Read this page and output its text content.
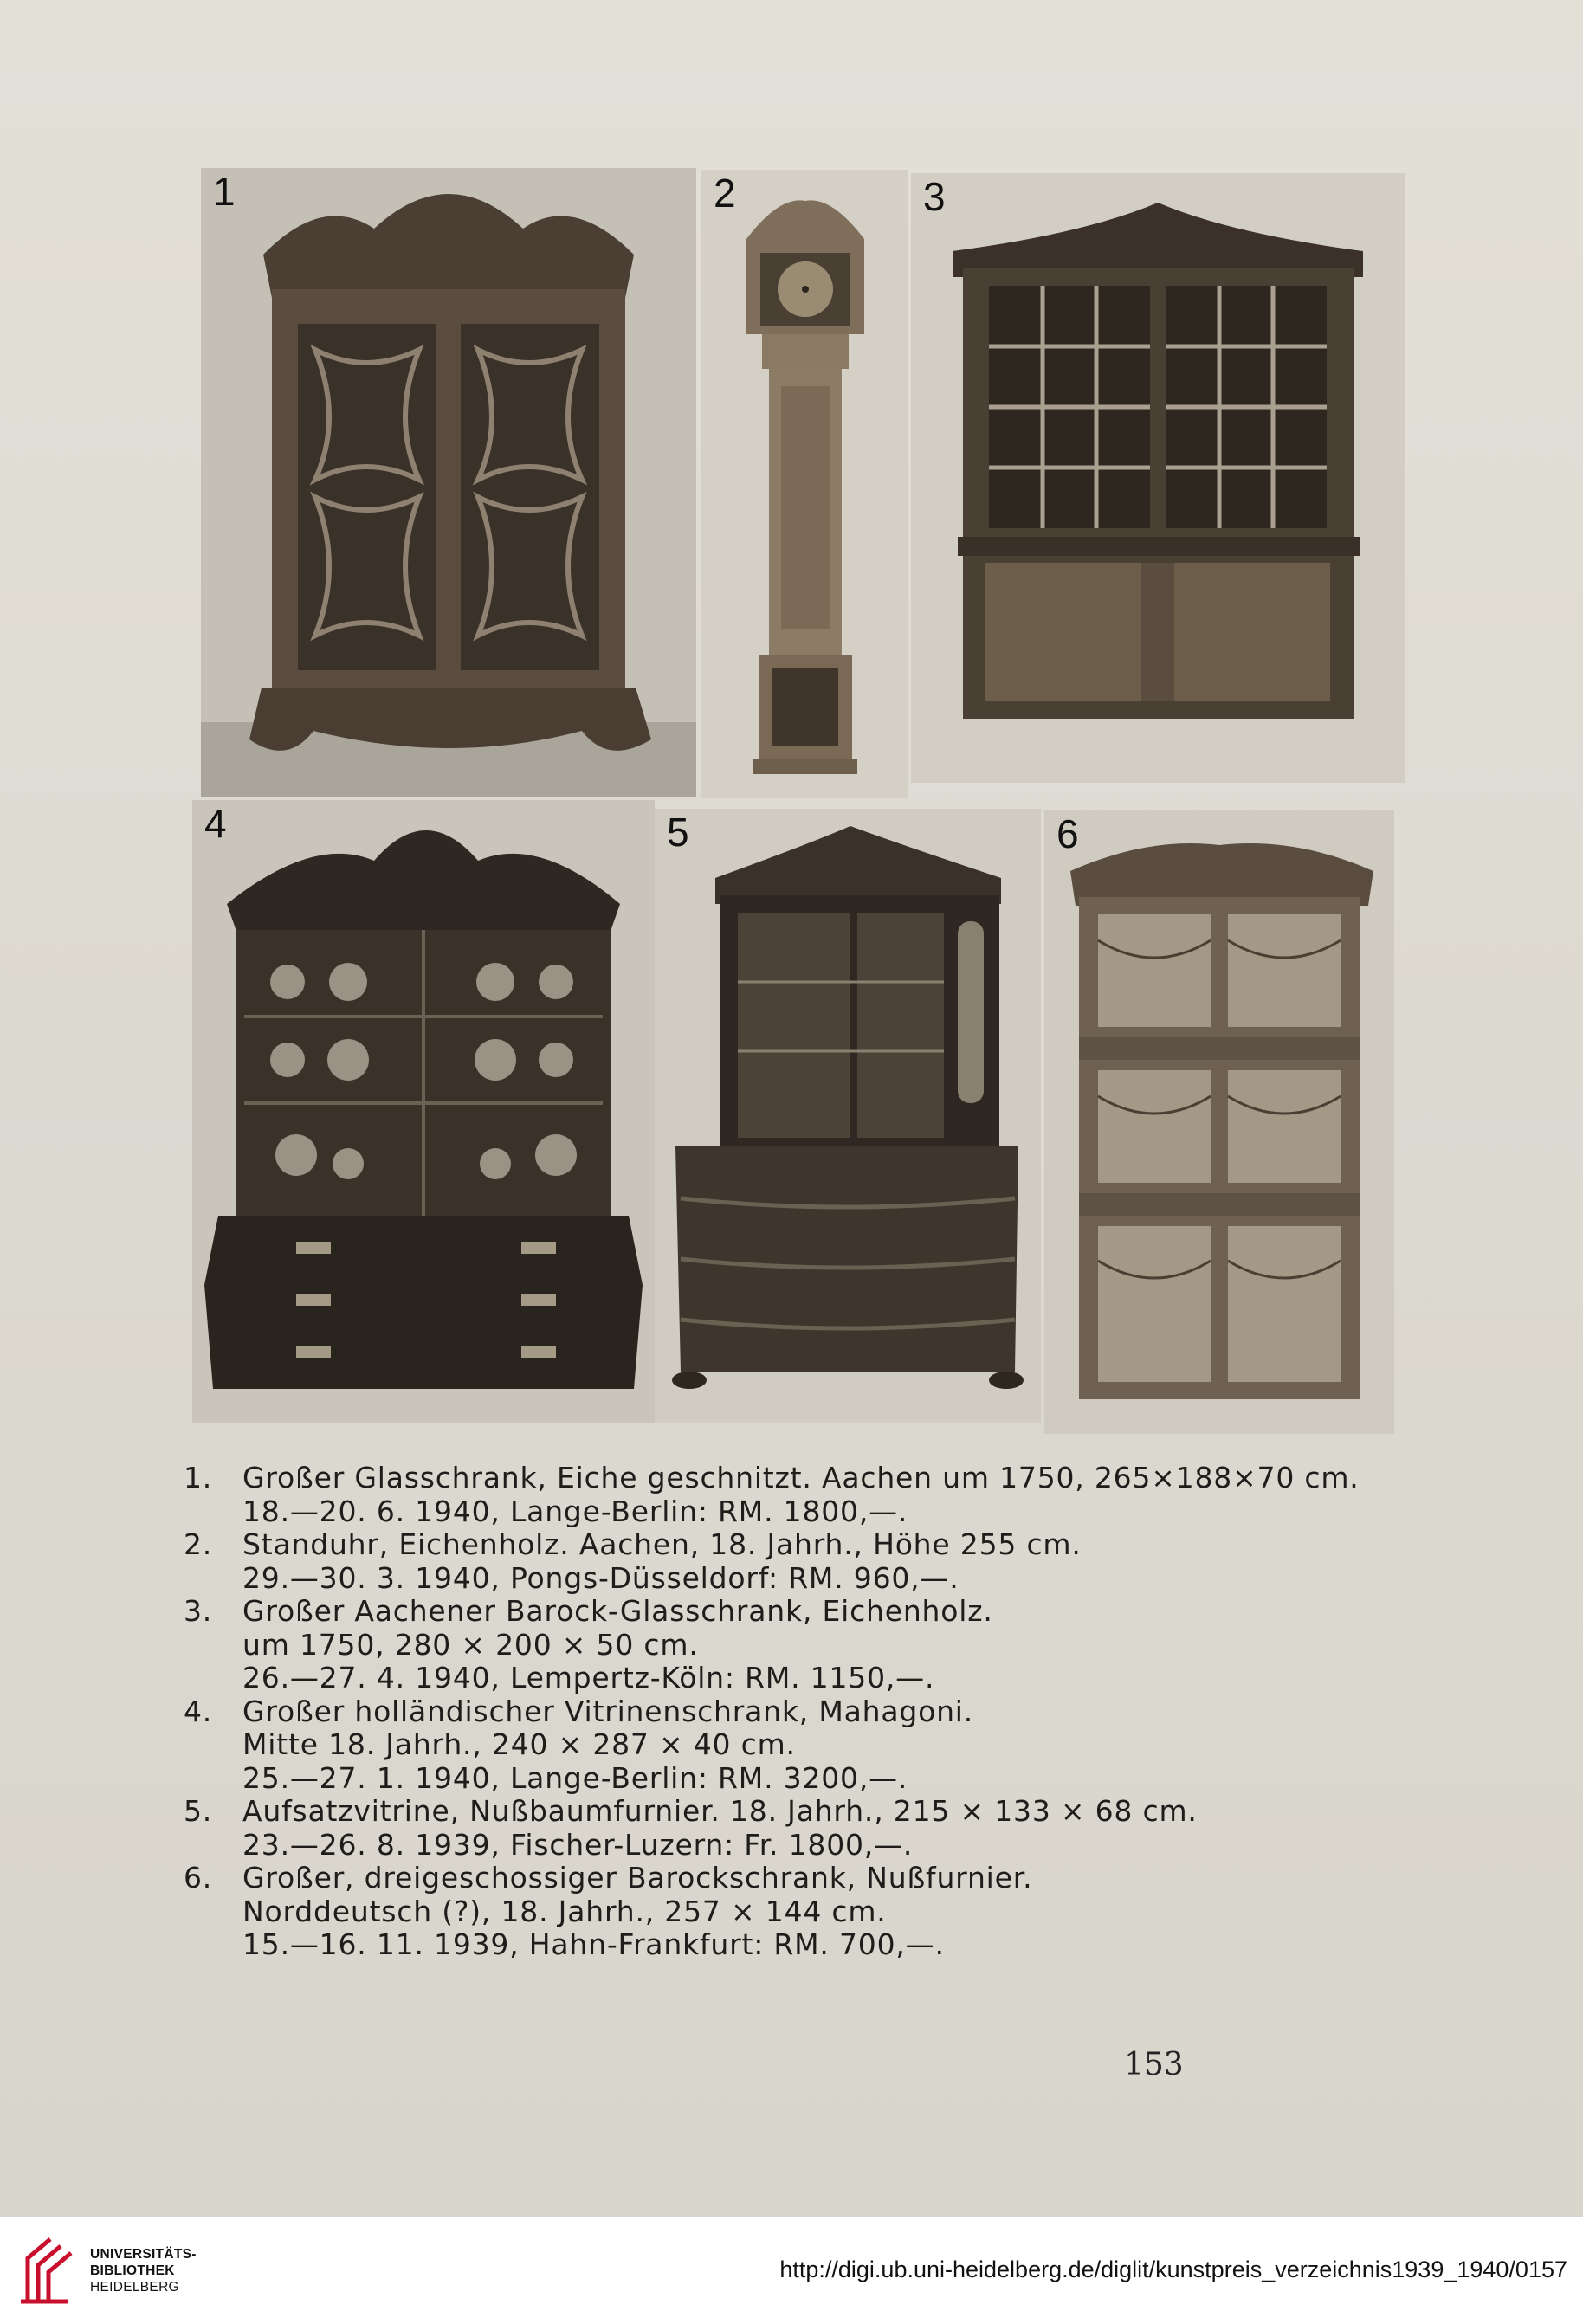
1	2	3
4	5	6
1.	Großer Glasschrank, Eiche geschnitzt. Aachen um 1750, 265×188×70 cm.
18.—20. 6. 1940, Lange-Berlin: RM. 1800,—.
2.	Standuhr, Eichenholz. Aachen, 18. Jahrh., Höhe 255 cm.
29.—30. 3. 1940, Pongs-Düsseldorf: RM. 960,—.
3.	Großer Aachener Barock-Glasschrank, Eichenholz.
um 1750, 280 × 200 × 50 cm.
26.—27. 4. 1940, Lempertz-Köln: RM. 1150,—.
4.	Großer holländischer Vitrinenschrank, Mahagoni.
Mitte 18. Jahrh., 240 × 287 × 40 cm.
25.—27. 1. 1940, Lange-Berlin: RM. 3200,—.
5.	Aufsatzvitrine, Nußbaumfurnier. 18. Jahrh., 215 × 133 × 68 cm.
23.—26. 8. 1939, Fischer-Luzern: Fr. 1800,—.
6.	Großer, dreigeschossiger Barockschrank, Nußfurnier.
Norddeutsch (?), 18. Jahrh., 257 × 144 cm.
15.—16. 11. 1939, Hahn-Frankfurt: RM. 700,—.
153
UNIVERSITÄTS-
BIBLIOTHEK
HEIDELBERG
http://digi.ub.uni-heidelberg.de/diglit/kunstpreis_verzeichnis1939_1940/0157
